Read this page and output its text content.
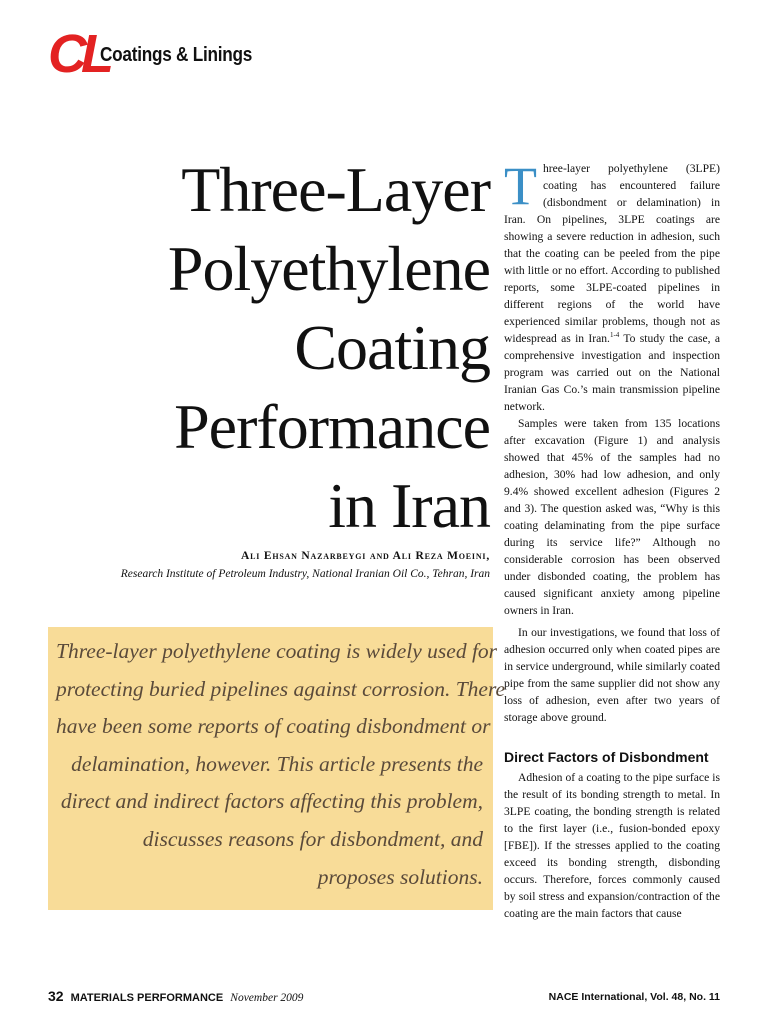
CL
Coatings & Linings
Three-Layer
Polyethylene
Coating
Performance
in Iran
Ali Ehsan Nazarbeygi and Ali Reza Moeini,
Research Institute of Petroleum Industry, National Iranian Oil Co., Tehran, Iran

Three-layer polyethylene coating is widely used for

protecting buried pipelines against corrosion. There

have been some reports of coating disbondment or

delamination, however. This article presents the

direct and indirect factors affecting this problem,

discusses reasons for disbondment, and

proposes solutions.

Three-layer polyethylene (3LPE) coating has encountered failure (disbondment or delamination) in Iran. On pipelines, 3LPE coatings are showing a severe reduction in adhesion, such that the coating can be peeled from the pipe with little or no effort. According to published reports, some 3LPE-coated pipelines in different regions of the world have experienced similar problems, though not as widespread as in Iran.$^{1-4}$ To study the case, a comprehensive investigation and inspection program was carried out on the National Iranian Gas Co.’s main transmission pipeline network.

Samples were taken from 135 locations after excavation (Figure 1) and analysis showed that 45% of the samples had no adhesion, 30% had low adhesion, and only 9.4% showed excellent adhesion (Figures 2 and 3). The question asked was, “Why is this coating delaminating from the pipe surface during its service life?” Although no considerable corrosion has been observed under disbonded coating, the problem has caused significant anxiety among pipeline owners in Iran.

In our investigations, we found that loss of adhesion occurred only when coated pipes are in service underground, while similarly coated pipe from the same supplier did not show any loss of adhesion, even after two years of storage above ground.

Direct Factors of Disbondment

Adhesion of a coating to the pipe surface is the result of its bonding strength to metal. In 3LPE coating, the bonding strength is related to the first layer (i.e., fusion-bonded epoxy [FBE]). If the stresses applied to the coating exceed its bonding strength, disbonding occurs. Therefore, forces commonly caused by soil stress and expansion/contraction of the coating are the main factors that cause

32 MATERIALS PERFORMANCE November 2009	NACE International, Vol. 48, No. 11
